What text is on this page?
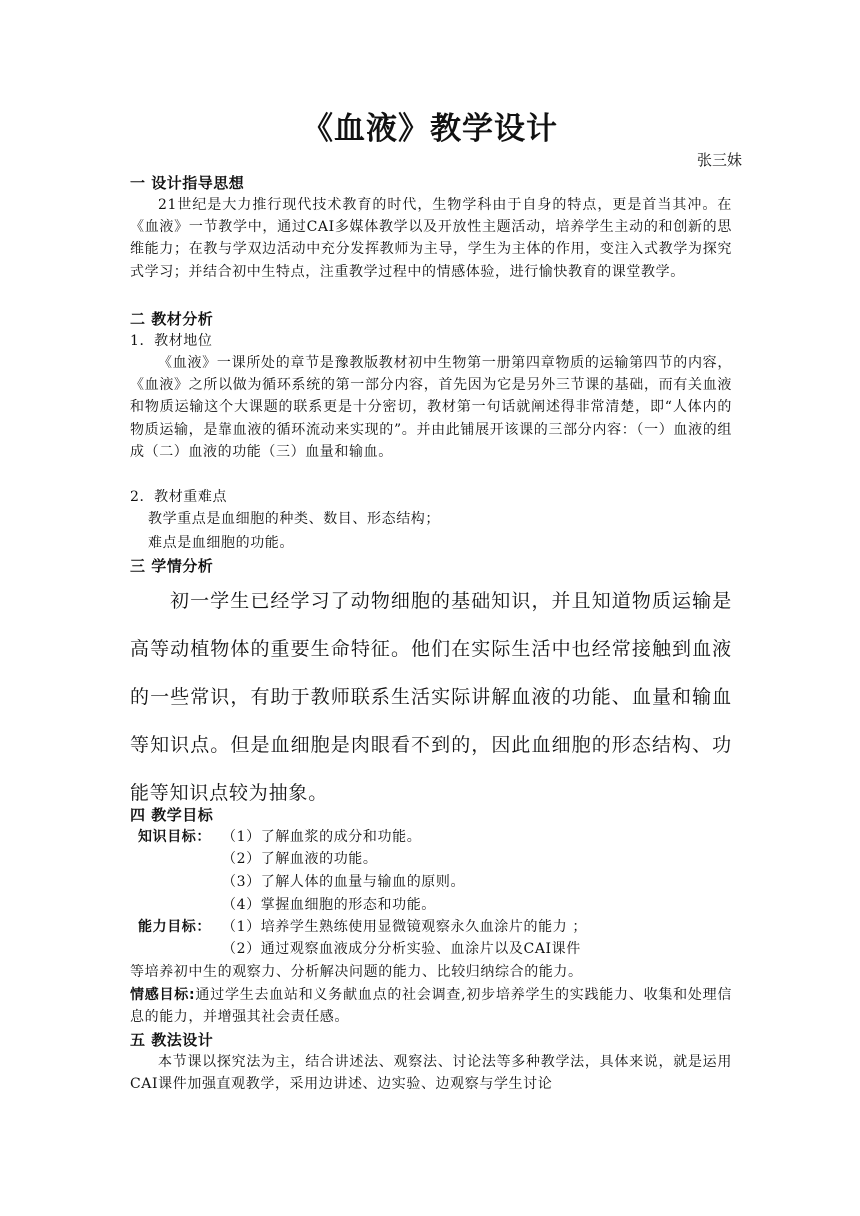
《血液》教学设计
张三妹
一 设计指导思想
21世纪是大力推行现代技术教育的时代，生物学科由于自身的特点，更是首当其冲。在《血液》一节教学中，通过CAI多媒体教学以及开放性主题活动，培养学生主动的和创新的思维能力；在教与学双边活动中充分发挥教师为主导，学生为主体的作用，变注入式教学为探究式学习；并结合初中生特点，注重教学过程中的情感体验，进行愉快教育的课堂教学。
二 教材分析
1．教材地位
《血液》一课所处的章节是豫教版教材初中生物第一册第四章物质的运输第四节的内容，《血液》之所以做为循环系统的第一部分内容，首先因为它是另外三节课的基础，而有关血液和物质运输这个大课题的联系更是十分密切，教材第一句话就阐述得非常清楚，即“人体内的物质运输，是靠血液的循环流动来实现的”。并由此铺展开该课的三部分内容：（一）血液的组成（二）血液的功能（三）血量和输血。
2．教材重难点
教学重点是血细胞的种类、数目、形态结构；
难点是血细胞的功能。
三 学情分析
初一学生已经学习了动物细胞的基础知识，并且知道物质运输是高等动植物体的重要生命特征。他们在实际生活中也经常接触到血液的一些常识，有助于教师联系生活实际讲解血液的功能、血量和输血等知识点。但是血细胞是肉眼看不到的，因此血细胞的形态结构、功能等知识点较为抽象。
四 教学目标
知识目标： （1）了解血浆的成分和功能。
（2）了解血液的功能。
（3）了解人体的血量与输血的原则。
（4）掌握血细胞的形态和功能。
能力目标： （1）培养学生熟练使用显微镜观察永久血涂片的能力 ；
（2）通过观察血液成分分析实验、血涂片以及CAI课件
等培养初中生的观察力、分析解决问题的能力、比较归纳综合的能力。
情感目标:通过学生去血站和义务献血点的社会调查,初步培养学生的实践能力、收集和处理信息的能力，并增强其社会责任感。
五 教法设计
本节课以探究法为主，结合讲述法、观察法、讨论法等多种教学法，具体来说，就是运用CAI课件加强直观教学，采用边讲述、边实验、边观察与学生讨论
